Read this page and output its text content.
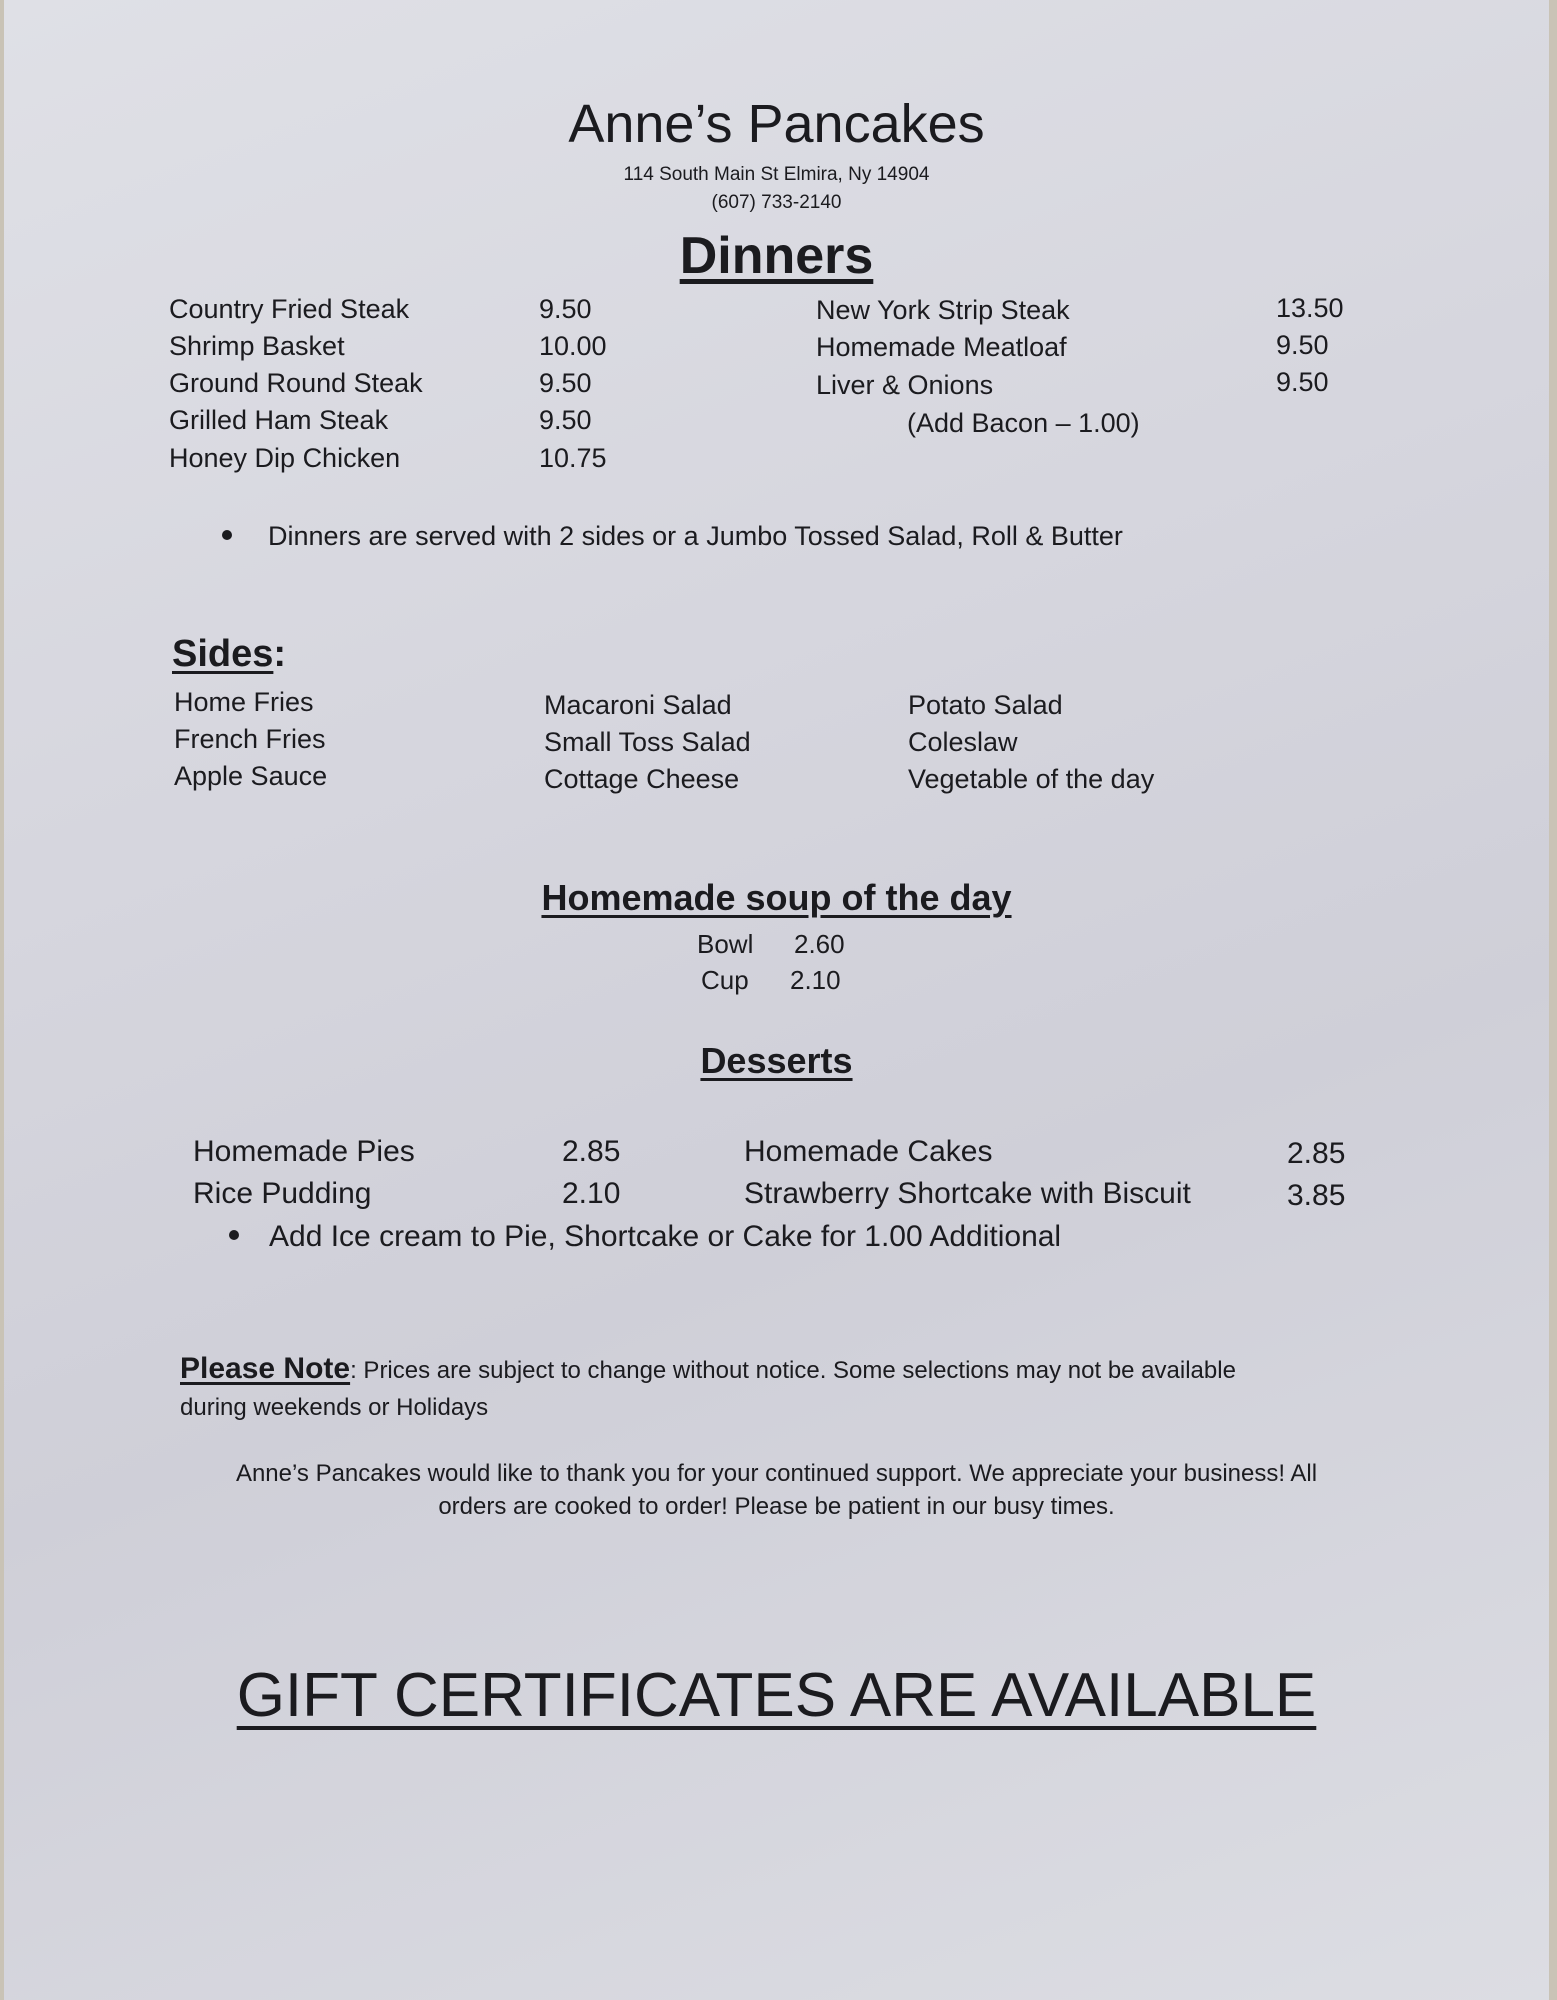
Anne’s Pancakes
114 South Main St Elmira, Ny 14904
(607) 733-2140
Dinners
Country Fried Steak	9.50
Shrimp Basket	10.00
Ground Round Steak	9.50
Grilled Ham Steak	9.50
Honey Dip Chicken	10.75
New York Strip Steak	13.50
Homemade Meatloaf	9.50
Liver & Onions	9.50
(Add Bacon – 1.00)
Dinners are served with 2 sides or a Jumbo Tossed Salad, Roll & Butter
Sides:
Home Fries
French Fries
Apple Sauce
Macaroni Salad
Small Toss Salad
Cottage Cheese
Potato Salad
Coleslaw
Vegetable of the day
Homemade soup of the day
Bowl 2.60
Cup 2.10
Desserts
Homemade Pies	2.85
Rice Pudding	2.10
Homemade Cakes	2.85
Strawberry Shortcake with Biscuit	3.85
Add Ice cream to Pie, Shortcake or Cake for 1.00 Additional
Please Note: Prices are subject to change without notice. Some selections may not be available
during weekends or Holidays
Anne’s Pancakes would like to thank you for your continued support. We appreciate your business! All
orders are cooked to order! Please be patient in our busy times.
GIFT CERTIFICATES ARE AVAILABLE
